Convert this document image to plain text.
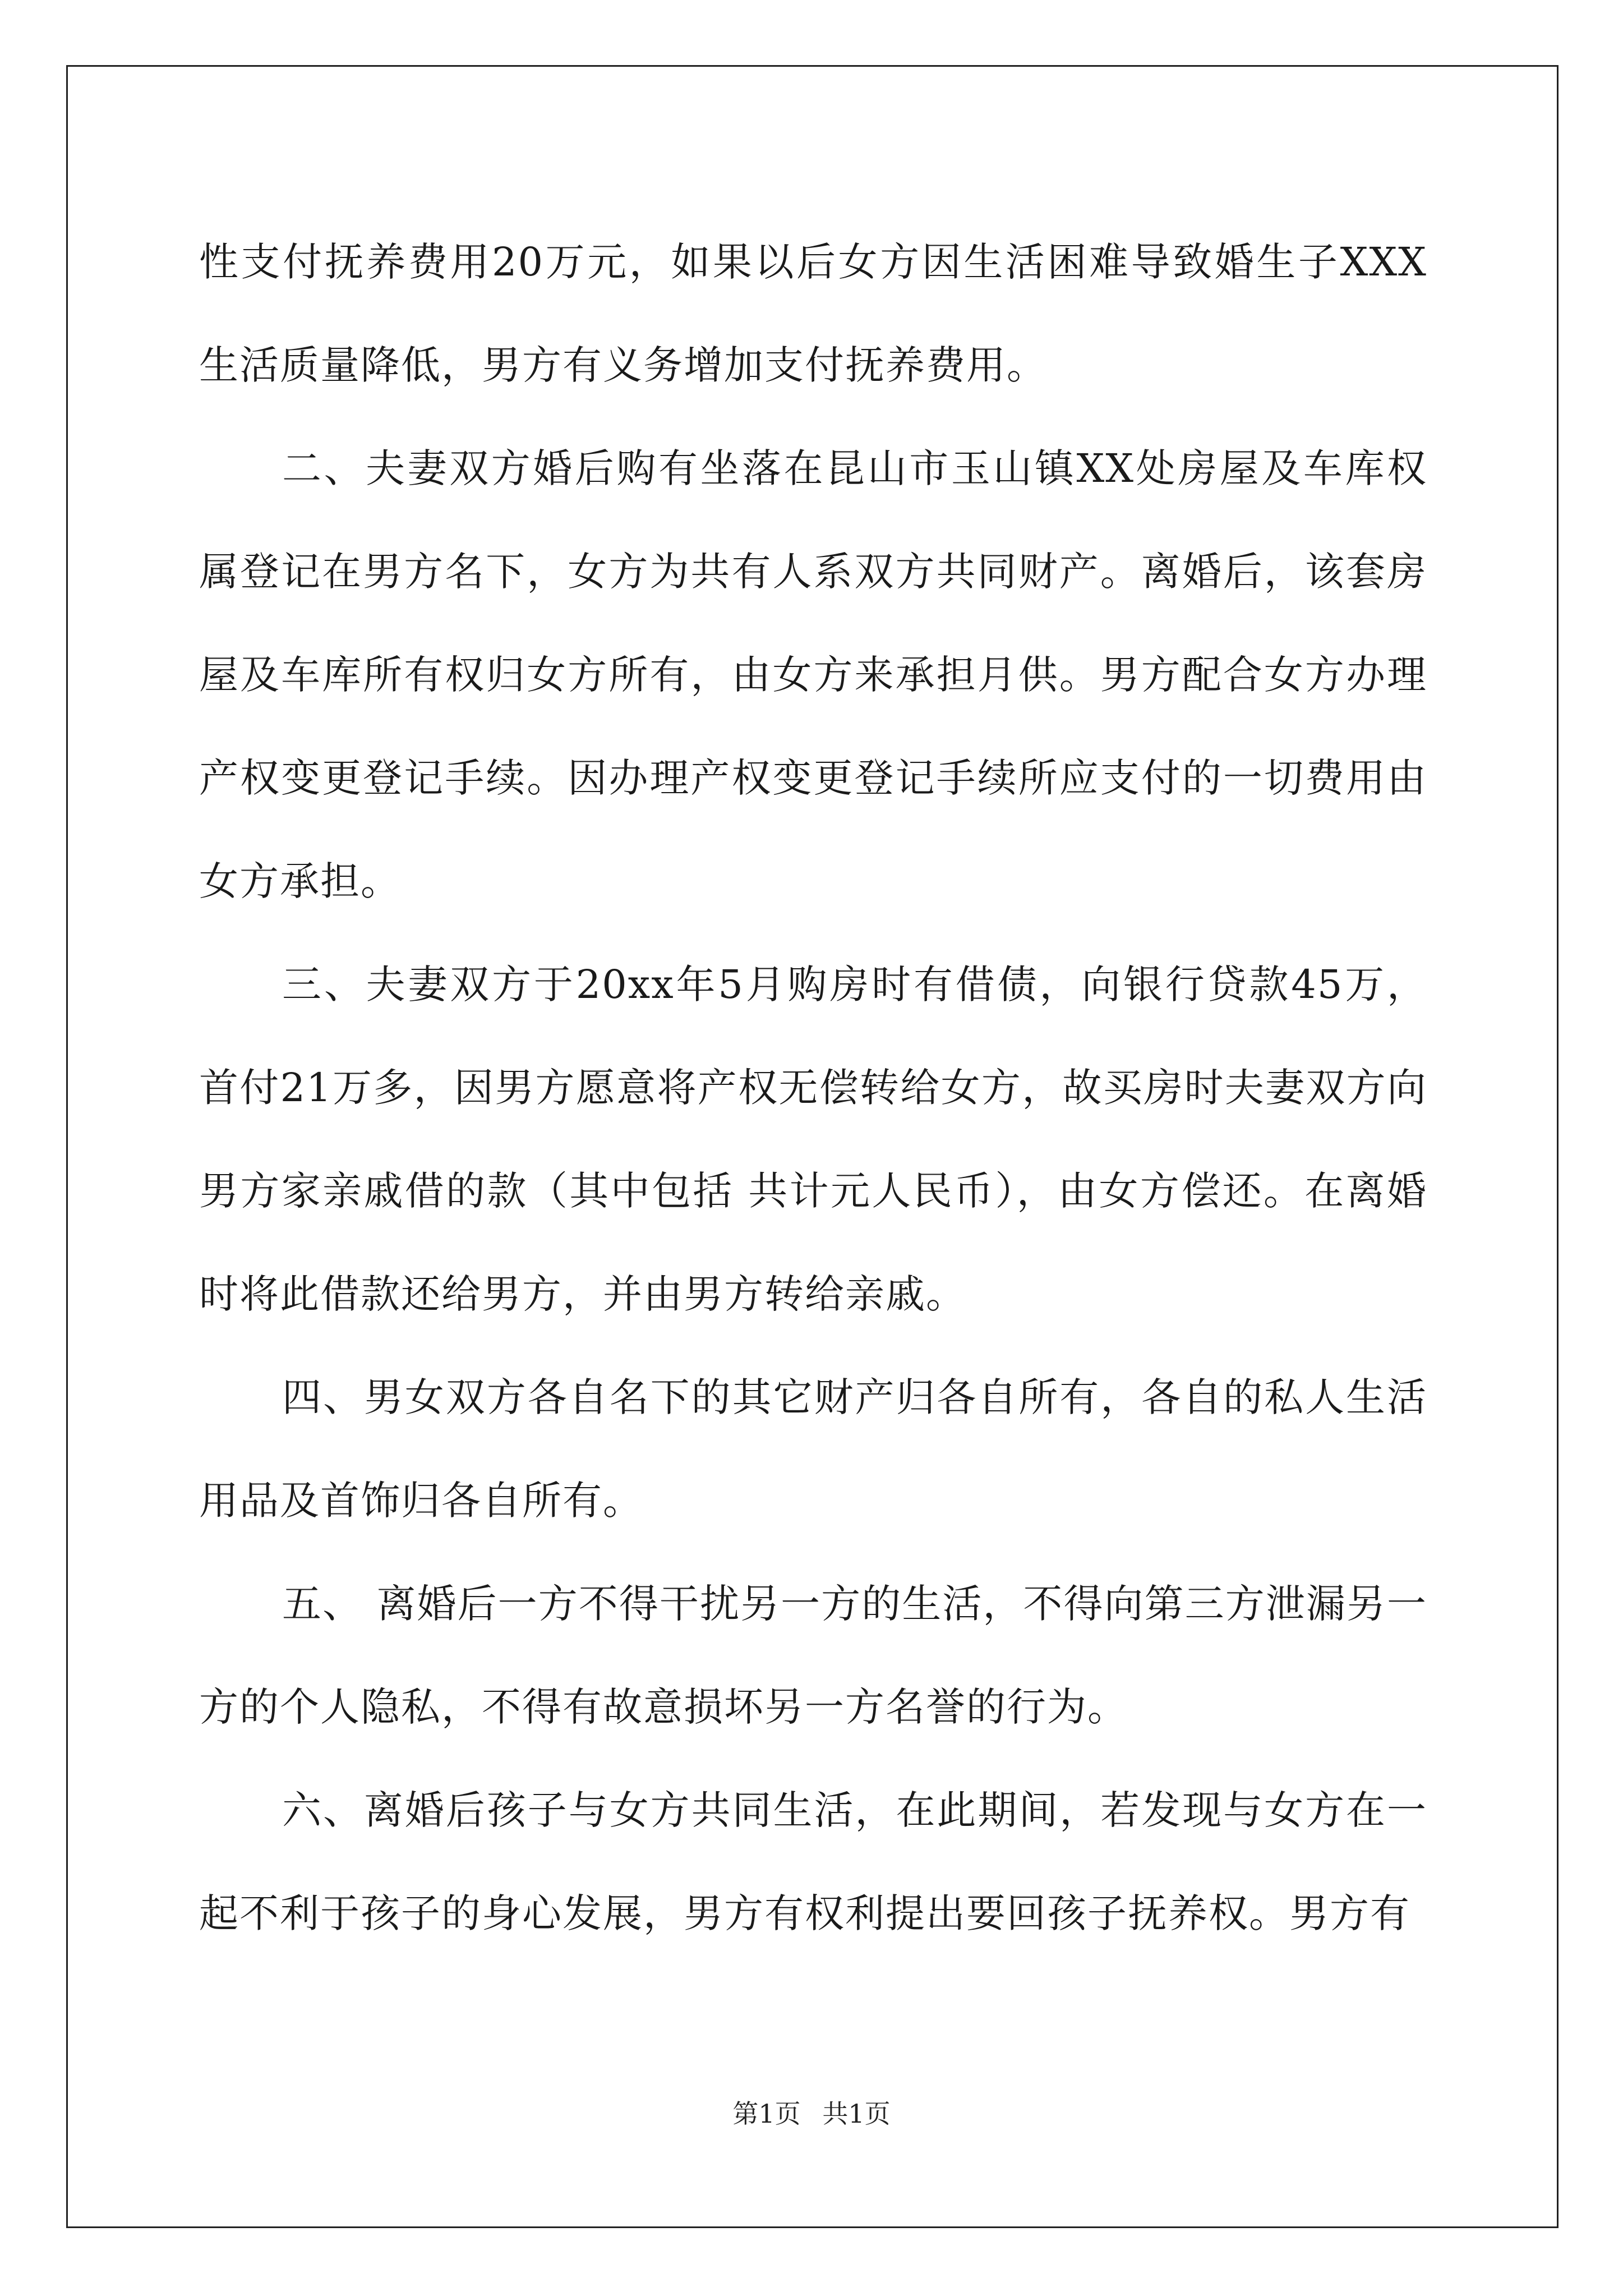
性支付抚养费用20万元，如果以后女方因生活困难导致婚生子XXX生活质量降低，男方有义务增加支付抚养费用。

二、夫妻双方婚后购有坐落在昆山市玉山镇XX处房屋及车库权属登记在男方名下，女方为共有人系双方共同财产。离婚后，该套房屋及车库所有权归女方所有，由女方来承担月供。男方配合女方办理产权变更登记手续。因办理产权变更登记手续所应支付的一切费用由女方承担。

三、夫妻双方于20xx年5月购房时有借债，向银行贷款45万，首付21万多，因男方愿意将产权无偿转给女方，故买房时夫妻双方向男方家亲戚借的款（其中包括 共计元人民币），由女方偿还。在离婚时将此借款还给男方，并由男方转给亲戚。

四、男女双方各自名下的其它财产归各自所有，各自的私人生活用品及首饰归各自所有。

五、 离婚后一方不得干扰另一方的生活，不得向第三方泄漏另一方的个人隐私，不得有故意损坏另一方名誉的行为。

六、离婚后孩子与女方共同生活，在此期间，若发现与女方在一起不利于孩子的身心发展，男方有权利提出要回孩子抚养权。男方有

第1页 共1页
